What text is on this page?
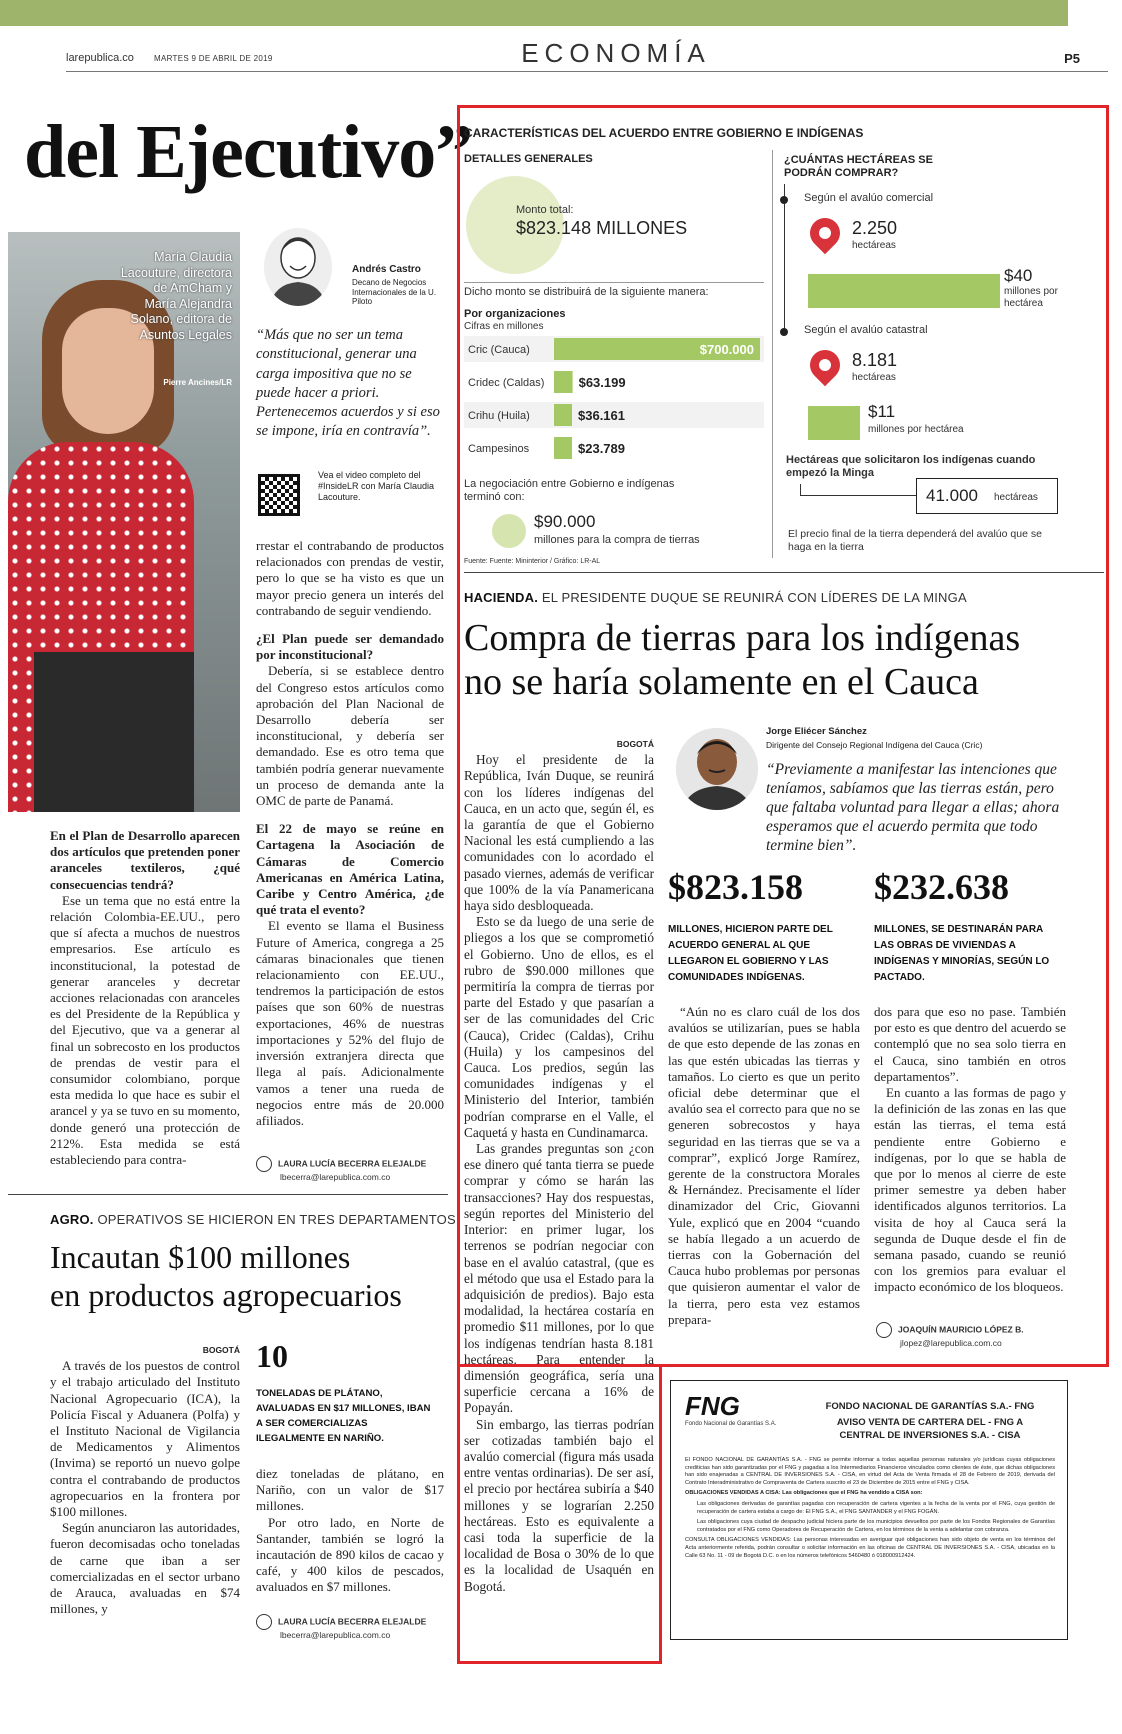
larepublica.co	MARTES 9 DE ABRIL DE 2019	ECONOMÍA	P5
del Ejecutivo”
María Claudia Lacouture, directora de AmCham y María Alejandra Solano, editora de Asuntos Legales
Pierre Ancines/LR
Andrés Castro
Decano de Negocios Internacionales de la U. Piloto
“Más que no ser un tema constitucional, generar una carga impositiva que no se puede hacer a priori. Pertenecemos acuerdos y si eso se impone, iría en contravía”.
Vea el video completo del #InsideLR con María Claudia Lacouture.

En el Plan de Desarrollo aparecen dos artículos que pretenden poner aranceles textileros, ¿qué consecuencias tendrá?

Ese un tema que no está entre la relación Colombia-EE.UU., pero que sí afecta a muchos de nuestros empresarios. Ese artículo es inconstitucional, la potestad de generar aranceles y decretar acciones relacionadas con aranceles es del Presidente de la República y del Ejecutivo, que va a generar al final un sobrecosto en los productos de prendas de vestir para el consumidor colombiano, porque esta medida lo que hace es subir el arancel y ya se tuvo en su momento, donde generó una protección de 212%. Esta medida se está estableciendo para contra-

rrestar el contrabando de productos relacionados con prendas de vestir, pero lo que se ha visto es que un mayor precio genera un interés del contrabando de seguir vendiendo.

¿El Plan puede ser demandado por inconstitucional?

Debería, si se establece dentro del Congreso estos artículos como aprobación del Plan Nacional de Desarrollo debería ser inconstitucional, y debería ser demandado. Ese es otro tema que también podría generar nuevamente un proceso de demanda ante la OMC de parte de Panamá.

El 22 de mayo se reúne en Cartagena la Asociación de Cámaras de Comercio Americanas en América Latina, Caribe y Centro América, ¿de qué trata el evento?

El evento se llama el Business Future of America, congrega a 25 cámaras binacionales que tienen relacionamiento con EE.UU., tendremos la participación de estos países que son 60% de nuestras exportaciones, 46% de nuestras importaciones y 52% del flujo de inversión extranjera directa que llega al país. Adicionalmente vamos a tener una rueda de negocios entre más de 20.000 afiliados.

LAURA LUCÍA BECERRA ELEJALDE
lbecerra@larepublica.com.co
AGRO. OPERATIVOS SE HICIERON EN TRES DEPARTAMENTOS
Incautan $100 millones
en productos agropecuarios

BOGOTÁ

A través de los puestos de control y el trabajo articulado del Instituto Nacional Agropecuario (ICA), la Policía Fiscal y Aduanera (Polfa) y el Instituto Nacional de Vigilancia de Medicamentos y Alimentos (Invima) se reportó un nuevo golpe contra el contrabando de productos agropecuarios en la frontera por $100 millones.

Según anunciaron las autoridades, fueron decomisadas ocho toneladas de carne que iban a ser comercializadas en el sector urbano de Arauca, avaluadas en $74 millones, y

10
TONELADAS DE PLÁTANO, AVALUADAS EN $17 MILLONES, IBAN A SER COMERCIALIZAS ILEGALMENTE EN NARIÑO.

diez toneladas de plátano, en Nariño, con un valor de $17 millones.

Por otro lado, en Norte de Santander, también se logró la incautación de 890 kilos de cacao y café, y 400 kilos de pescados, avaluados en $7 millones.

LAURA LUCÍA BECERRA ELEJALDE
lbecerra@larepublica.com.co
CARACTERÍSTICAS DEL ACUERDO ENTRE GOBIERNO E INDÍGENAS
DETALLES GENERALES
Monto total:
$823.148 MILLONES
Dicho monto se distribuirá de la siguiente manera:
Por organizaciones
Cifras en millones
Cric (Cauca)	$700.000
Cridec (Caldas)	$63.199
Crihu (Huila)	$36.161
Campesinos	$23.789
La negociación entre Gobierno e indígenas terminó con:
$90.000
millones para la compra de tierras
Fuente: Fuente: Mininterior / Gráfico: LR-AL
¿CUÁNTAS HECTÁREAS SE PODRÁN COMPRAR?
Según el avalúo comercial
2.250
hectáreas
$40
millones por hectárea
Según el avalúo catastral
8.181
hectáreas
$11
millones por hectárea
Hectáreas que solicitaron los indígenas cuando empezó la Minga
41.000 hectáreas
El precio final de la tierra dependerá del avalúo que se haga en la tierra
HACIENDA. EL PRESIDENTE DUQUE SE REUNIRÁ CON LÍDERES DE LA MINGA
Compra de tierras para los indígenas
no se haría solamente en el Cauca

BOGOTÁ

Hoy el presidente de la República, Iván Duque, se reunirá con los líderes indígenas del Cauca, en un acto que, según él, es la garantía de que el Gobierno Nacional les está cumpliendo a las comunidades con lo acordado el pasado viernes, además de verificar que 100% de la vía Panamericana haya sido desbloqueada.

Esto se da luego de una serie de pliegos a los que se comprometió el Gobierno. Uno de ellos, es el rubro de $90.000 millones que permitiría la compra de tierras por parte del Estado y que pasarían a ser de las comunidades del Cric (Cauca), Cridec (Caldas), Crihu (Huila) y los campesinos del Cauca. Los predios, según las comunidades indígenas y el Ministerio del Interior, también podrían comprarse en el Valle, el Caquetá y hasta en Cundinamarca.

Las grandes preguntas son ¿con ese dinero qué tanta tierra se puede comprar y cómo se harán las transacciones? Hay dos respuestas, según reportes del Ministerio del Interior: en primer lugar, los terrenos se podrían negociar con base en el avalúo catastral, (que es el método que usa el Estado para la adquisición de predios). Bajo esta modalidad, la hectárea costaría en promedio $11 millones, por lo que los indígenas tendrían hasta 8.181 hectáreas. Para entender la dimensión geográfica, sería una superficie cercana a 16% de Popayán.

Sin embargo, las tierras podrían ser cotizadas también bajo el avalúo comercial (figura más usada entre ventas ordinarias). De ser así, el precio por hectárea subiría a $40 millones y se lograrían 2.250 hectáreas. Esto es equivalente a casi toda la superficie de la localidad de Bosa o 30% de lo que es la localidad de Usaquén en Bogotá.

Jorge Eliécer Sánchez
Dirigente del Consejo Regional Indígena del Cauca (Cric)
“Previamente a manifestar las intenciones que teníamos, sabíamos que las tierras están, pero que faltaba voluntad para llegar a ellas; ahora esperamos que el acuerdo permita que todo termine bien”.
$823.158
MILLONES, HICIERON PARTE DEL ACUERDO GENERAL AL QUE LLEGARON EL GOBIERNO Y LAS COMUNIDADES INDÍGENAS.
$232.638
MILLONES, SE DESTINARÁN PARA LAS OBRAS DE VIVIENDAS A INDÍGENAS Y MINORÍAS, SEGÚN LO PACTADO.

“Aún no es claro cuál de los dos avalúos se utilizarían, pues se habla de que esto depende de las zonas en las que estén ubicadas las tierras y tamaños. Lo cierto es que un perito oficial debe determinar que el avalúo sea el correcto para que no se generen sobrecostos y haya seguridad en las tierras que se va a comprar”, explicó Jorge Ramírez, gerente de la constructora Morales & Hernández. Precisamente el líder dinamizador del Cric, Giovanni Yule, explicó que en 2004 “cuando se había llegado a un acuerdo de tierras con la Gobernación del Cauca hubo problemas por personas que quisieron aumentar el valor de la tierra, pero esta vez estamos prepara-

dos para que eso no pase. También por esto es que dentro del acuerdo se contempló que no sea solo tierra en el Cauca, sino también en otros departamentos”.

En cuanto a las formas de pago y la definición de las zonas en las que están las tierras, el tema está pendiente entre Gobierno e indígenas, por lo que se habla de que por lo menos al cierre de este primer semestre ya deben haber identificados algunos territorios. La visita de hoy al Cauca será la segunda de Duque desde el fin de semana pasado, cuando se reunió con los gremios para evaluar el impacto económico de los bloqueos.

JOAQUÍN MAURICIO LÓPEZ B.
jlopez@larepublica.com.co
FNG
Fondo Nacional de Garantías S.A.
FONDO NACIONAL DE GARANTÍAS S.A.- FNG
AVISO VENTA DE CARTERA DEL - FNG A
CENTRAL DE INVERSIONES S.A. - CISA

El FONDO NACIONAL DE GARANTÍAS S.A. - FNG se permite informar a todas aquellas personas naturales y/o jurídicas cuyas obligaciones crediticias han sido garantizadas por el FNG y pagadas a los Intermediarios Financieros vinculados como clientes de éste, que dichas obligaciones han sido enajenadas a CENTRAL DE INVERSIONES S.A. - CISA, en virtud del Acta de Venta firmada el 28 de Febrero de 2019, derivada del Contrato Interadministrativo de Compraventa de Cartera suscrito el 23 de Diciembre de 2015 entre el FNG y CISA.

OBLIGACIONES VENDIDAS A CISA: Las obligaciones que el FNG ha vendido a CISA son:

Las obligaciones derivadas de garantías pagadas con recuperación de cartera vigentes a la fecha de la venta por el FNG, cuya gestión de recuperación de cartera estaba a cargo de: El FNG S.A., el FNG SANTANDER y el FNG FOGÁN.

Las obligaciones cuya ciudad de despacho judicial hiciera parte de los municipios devueltos por parte de los Fondos Regionales de Garantías contratados por el FNG como Operadores de Recuperación de Cartera, en los términos de la venta a adelantar con cobranza.

CONSULTA OBLIGACIONES VENDIDAS: Las personas interesadas en averiguar qué obligaciones han sido objeto de venta en los términos del Acta anteriormente referida, podrán consultar o solicitar información en las oficinas de CENTRAL DE INVERSIONES S.A. - CISA, ubicadas en la Calle 63 No. 11 - 09 de Bogotá D.C. o en los números telefónicos 5460480 ó 018000912424.
